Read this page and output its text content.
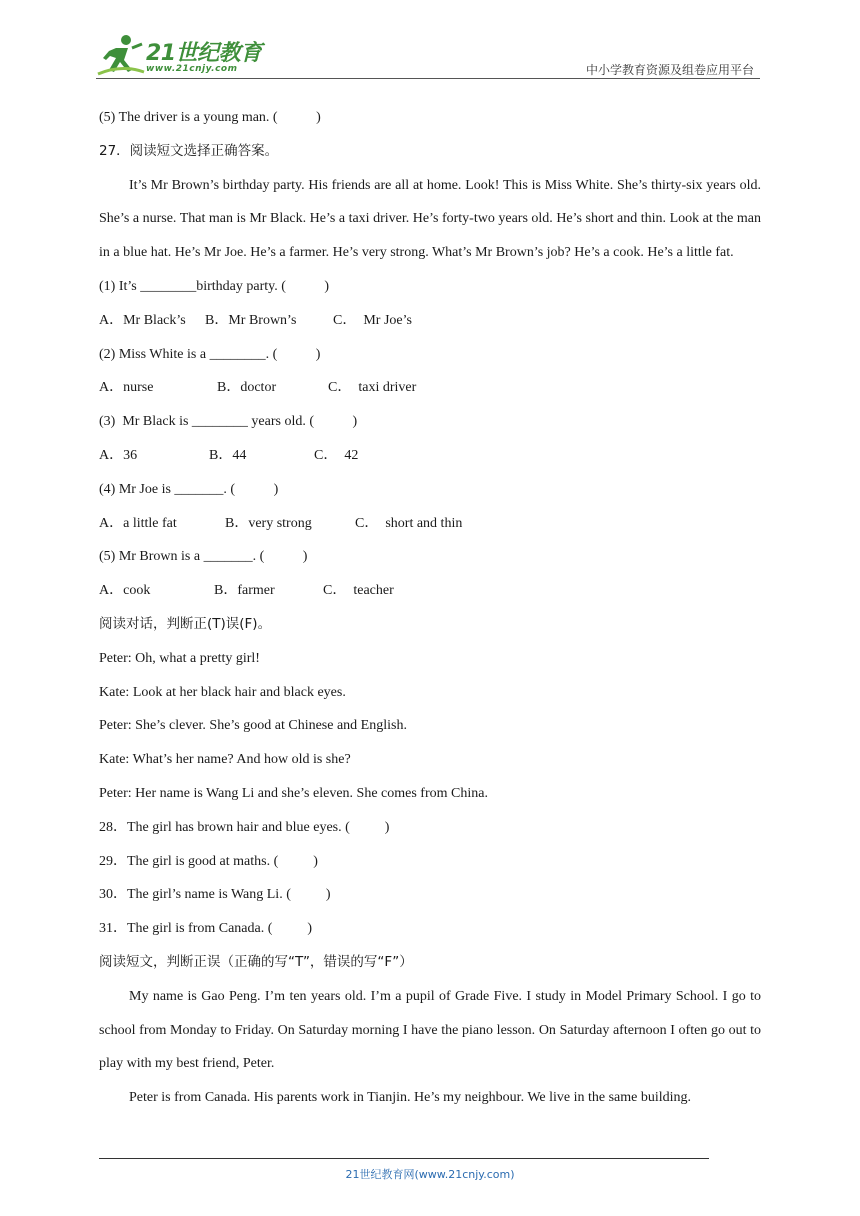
21世纪教育
www.21cnjy.com	中小学教育资源及组卷应用平台
(5) The driver is a young man. (           )
27．阅读短文选择正确答案。
It’s Mr Brown’s birthday party. His friends are all at home. Look! This is Miss White. She’s thirty-six years old. She’s a nurse. That man is Mr Black. He’s a taxi driver. He’s forty-two years old. He’s short and thin. Look at the man in a blue hat. He’s Mr Joe. He’s a farmer. He’s very strong. What’s Mr Brown’s job? He’s a cook. He’s a little fat.
(1) It’s ________birthday party. (           )
A．Mr Black’s	B．Mr Brown’s	C．  Mr Joe’s
(2) Miss White is a ________. (           )
A．nurse	B．doctor	C．  taxi driver
(3)  Mr Black is ________ years old. (           )
A．36	B．44	C．  42
(4) Mr Joe is _______. (           )
A．a little fat	B．very strong	C．  short and thin
(5) Mr Brown is a _______. (           )
A．cook	B．farmer	C．  teacher
阅读对话，判断正(T)误(F)。
Peter: Oh, what a pretty girl!
Kate: Look at her black hair and black eyes.
Peter: She’s clever. She’s good at Chinese and English.
Kate: What’s her name? And how old is she?
Peter: Her name is Wang Li and she’s eleven. She comes from China.
28．The girl has brown hair and blue eyes. (          )
29．The girl is good at maths. (          )
30．The girl’s name is Wang Li. (          )
31．The girl is from Canada. (          )
阅读短文，判断正误（正确的写“T”，错误的写“F”）
My name is Gao Peng. I’m ten years old. I’m a pupil of Grade Five. I study in Model Primary School. I go to school from Monday to Friday. On Saturday morning I have the piano lesson. On Saturday afternoon I often go out to play with my best friend, Peter.
Peter is from Canada. His parents work in Tianjin. He’s my neighbour. We live in the same building.
21世纪教育网(www.21cnjy.com)
